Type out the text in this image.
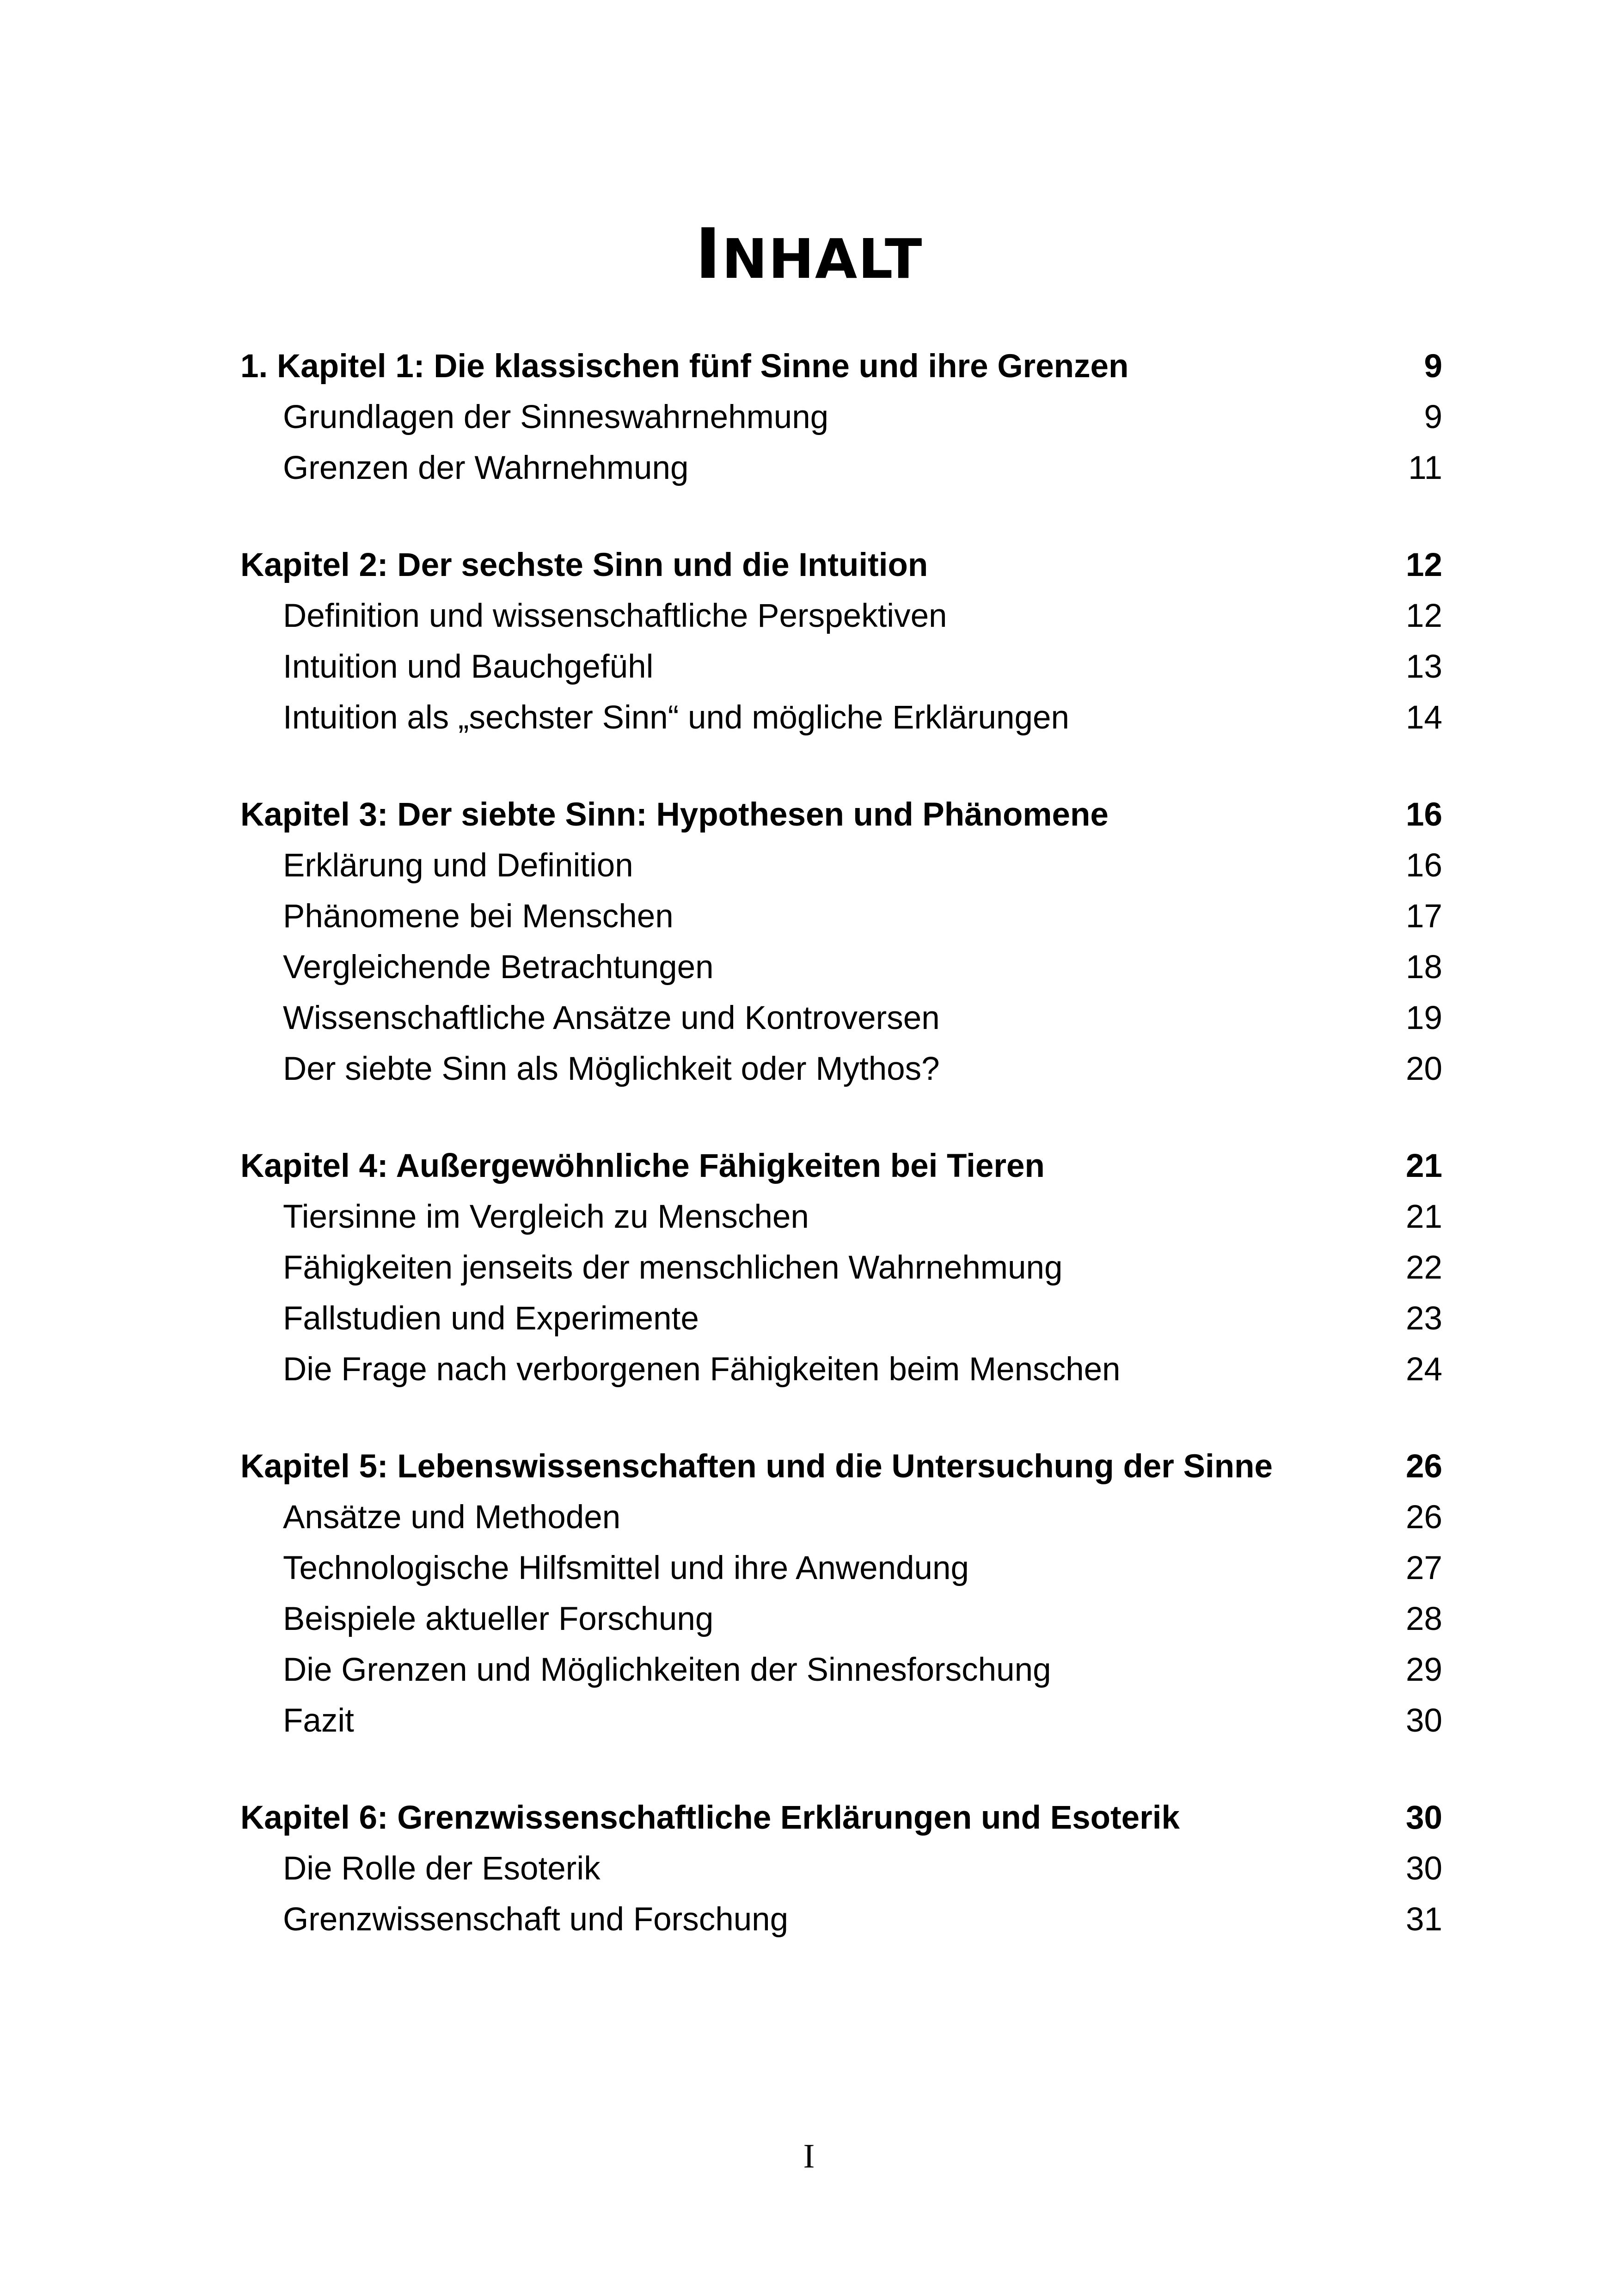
INHALT
1. Kapitel 1: Die klassischen fünf Sinne und ihre Grenzen	9
Grundlagen der Sinneswahrnehmung	9
Grenzen der Wahrnehmung	11
Kapitel 2: Der sechste Sinn und die Intuition	12
Definition und wissenschaftliche Perspektiven	12
Intuition und Bauchgefühl	13
Intuition als „sechster Sinn“ und mögliche Erklärungen	14
Kapitel 3: Der siebte Sinn: Hypothesen und Phänomene	16
Erklärung und Definition	16
Phänomene bei Menschen	17
Vergleichende Betrachtungen	18
Wissenschaftliche Ansätze und Kontroversen	19
Der siebte Sinn als Möglichkeit oder Mythos?	20
Kapitel 4: Außergewöhnliche Fähigkeiten bei Tieren	21
Tiersinne im Vergleich zu Menschen	21
Fähigkeiten jenseits der menschlichen Wahrnehmung	22
Fallstudien und Experimente	23
Die Frage nach verborgenen Fähigkeiten beim Menschen	24
Kapitel 5: Lebenswissenschaften und die Untersuchung der Sinne	26
Ansätze und Methoden	26
Technologische Hilfsmittel und ihre Anwendung	27
Beispiele aktueller Forschung	28
Die Grenzen und Möglichkeiten der Sinnesforschung	29
Fazit	30
Kapitel 6: Grenzwissenschaftliche Erklärungen und Esoterik	30
Die Rolle der Esoterik	30
Grenzwissenschaft und Forschung	31
I
